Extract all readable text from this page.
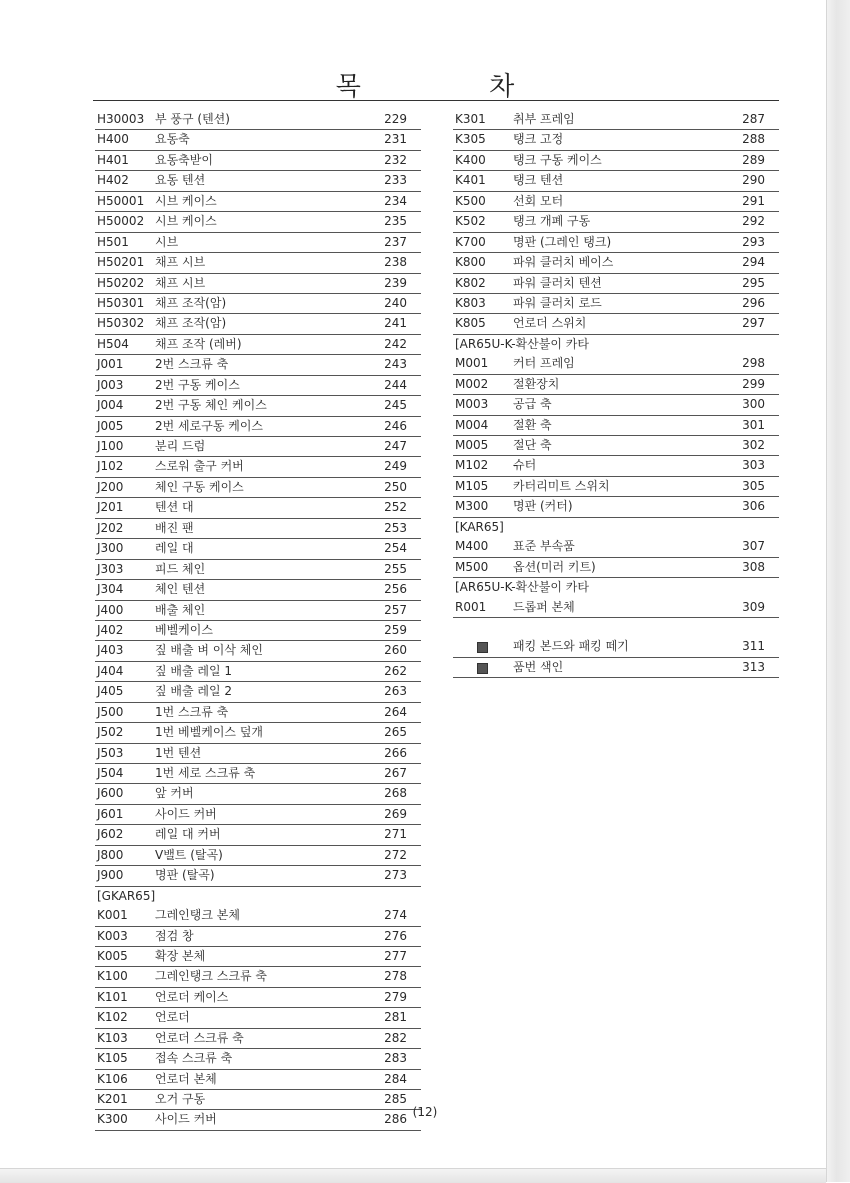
목 차
H30003 부 풍구 (텐션)	229
H400 요동축	231
H401 요동축받이	232
H402 요동 텐션	233
H50001 시브 케이스	234
H50002 시브 케이스	235
H501 시브	237
H50201 채프 시브	238
H50202 채프 시브	239
H50301 채프 조작(암)	240
H50302 채프 조작(암)	241
H504 채프 조작 (레버)	242
J001	2번 스크류 축	243
J003	2번 구동 케이스	244
J004	2번 구동 체인 케이스	245
J005	2번 세로구동 케이스	246
J100	분리 드럼	247
J102	스로워 출구 커버	249
J200	체인 구동 케이스	250
J201	텐션 대	252
J202	배진 팬	253
J300	레일 대	254
J303	피드 체인	255
J304	체인 텐션	256
J400	배출 체인	257
J402	베벨케이스	259
J403	짚 배출 벼 이삭 체인	260
J404	짚 배출 레일 1	262
J405	짚 배출 레일 2	263
J500	1번 스크류 축	264
J502	1번 베벨케이스 덮개	265
J503	1번 텐션	266
J504	1번 세로 스크류 축	267
J600	앞 커버	268
J601	사이드 커버	269
J602	레일 대 커버	271
J800	V밸트 (탈곡)	272
J900	명판 (탈곡)	273
[GKAR65]
K001 그레인탱크 본체	274
K003 점검 창	276
K005 확장 본체	277
K100 그레인탱크 스크류 축	278
K101 언로더 케이스	279
K102 언로더	281
K103 언로더 스크류 축	282
K105 접속 스크류 축	283
K106 언로더 본체	284
K201 오거 구동	285
K300 사이드 커버	286
K301 취부 프레임	287
K305 탱크 고정	288
K400 탱크 구동 케이스	289
K401 탱크 텐션	290
K500 선회 모터	291
K502 탱크 개폐 구동	292
K700 명판 (그레인 탱크)	293
K800 파워 클러치 베이스	294
K802 파워 클러치 텐션	295
K803 파워 클러치 로드	296
K805 언로더 스위치	297
[AR65U-K-확산불이 카타
M001 커터 프레임	298
M002 절환장치	299
M003 공급 축	300
M004 절환 축	301
M005 절단 축	302
M102 슈터	303
M105 카터리미트 스위치	305
M300 명판 (커터)	306
[KAR65]
M400 표준 부속품	307
M500 옵션(미러 키트)	308
[AR65U-K-확산불이 카타
R001 드롭퍼 본체	309
패킹 본드와 패킹 떼기	311
품번 색인	313
(12)
